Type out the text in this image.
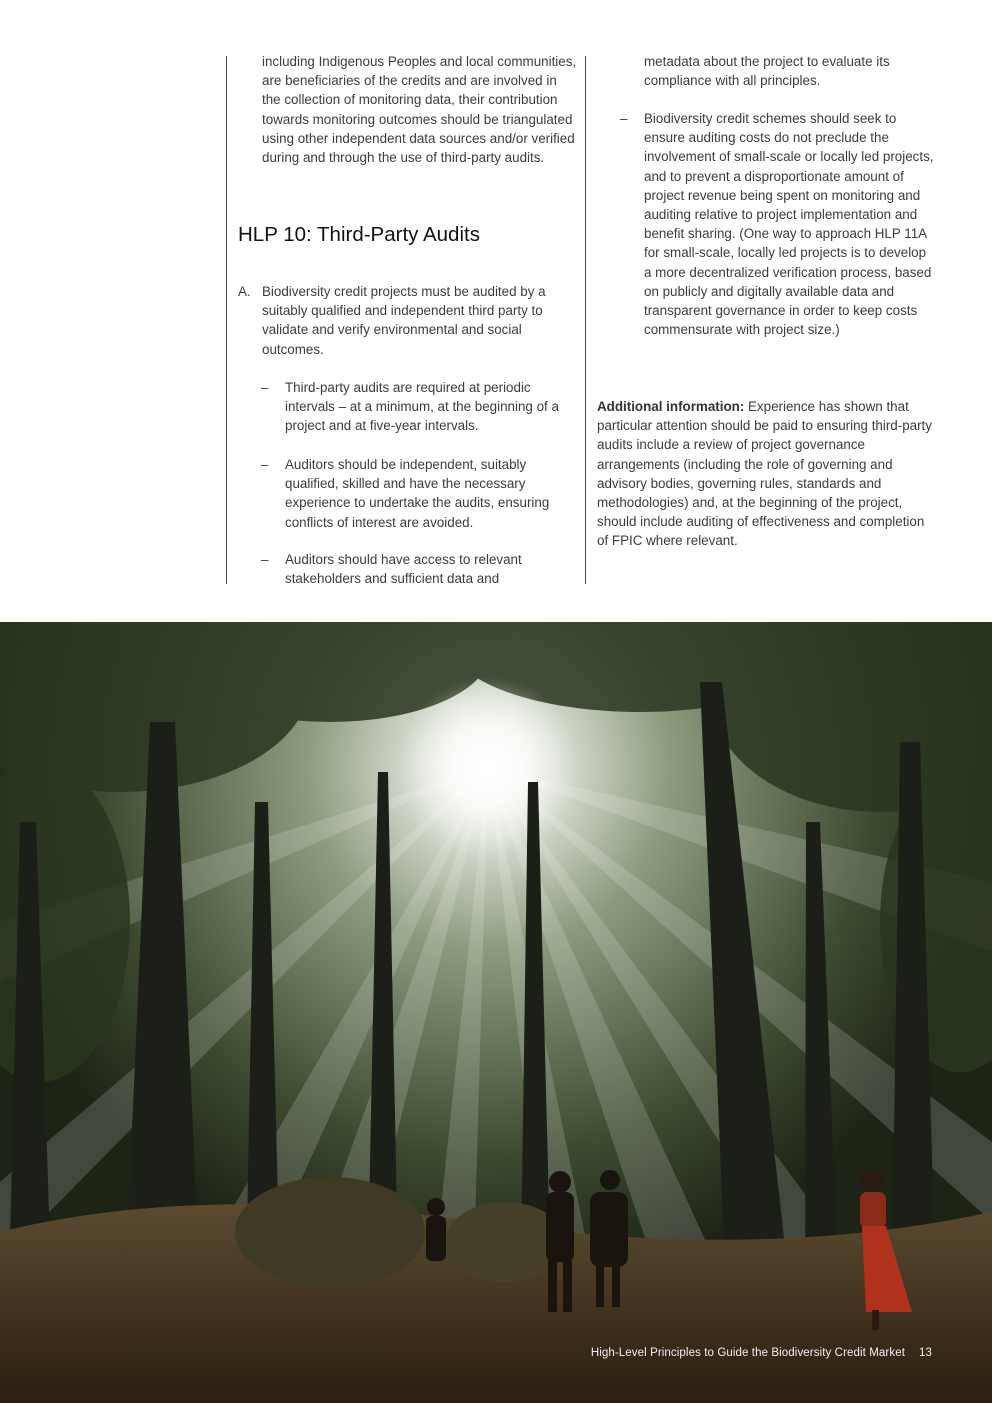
including Indigenous Peoples and local communities, are beneficiaries of the credits and are involved in the collection of monitoring data, their contribution towards monitoring outcomes should be triangulated using other independent data sources and/or verified during and through the use of third-party audits.

HLP 10: Third-Party Audits
A. Biodiversity credit projects must be audited by a suitably qualified and independent third party to validate and verify environmental and social outcomes.

– Third-party audits are required at periodic intervals – at a minimum, at the beginning of a project and at five-year intervals.

– Auditors should be independent, suitably qualified, skilled and have the necessary experience to undertake the audits, ensuring conflicts of interest are avoided.

– Auditors should have access to relevant stakeholders and sufficient data and

metadata about the project to evaluate its compliance with all principles.

– Biodiversity credit schemes should seek to ensure auditing costs do not preclude the involvement of small-scale or locally led projects, and to prevent a disproportionate amount of project revenue being spent on monitoring and auditing relative to project implementation and benefit sharing. (One way to approach HLP 11A for small-scale, locally led projects is to develop a more decentralized verification process, based on publicly and digitally available data and transparent governance in order to keep costs commensurate with project size.)

Additional information: Experience has shown that particular attention should be paid to ensuring third-party audits include a review of project governance arrangements (including the role of governing and advisory bodies, governing rules, standards and methodologies) and, at the beginning of the project, should include auditing of effectiveness and completion of FPIC where relevant.

High-Level Principles to Guide the Biodiversity Credit Market 13
